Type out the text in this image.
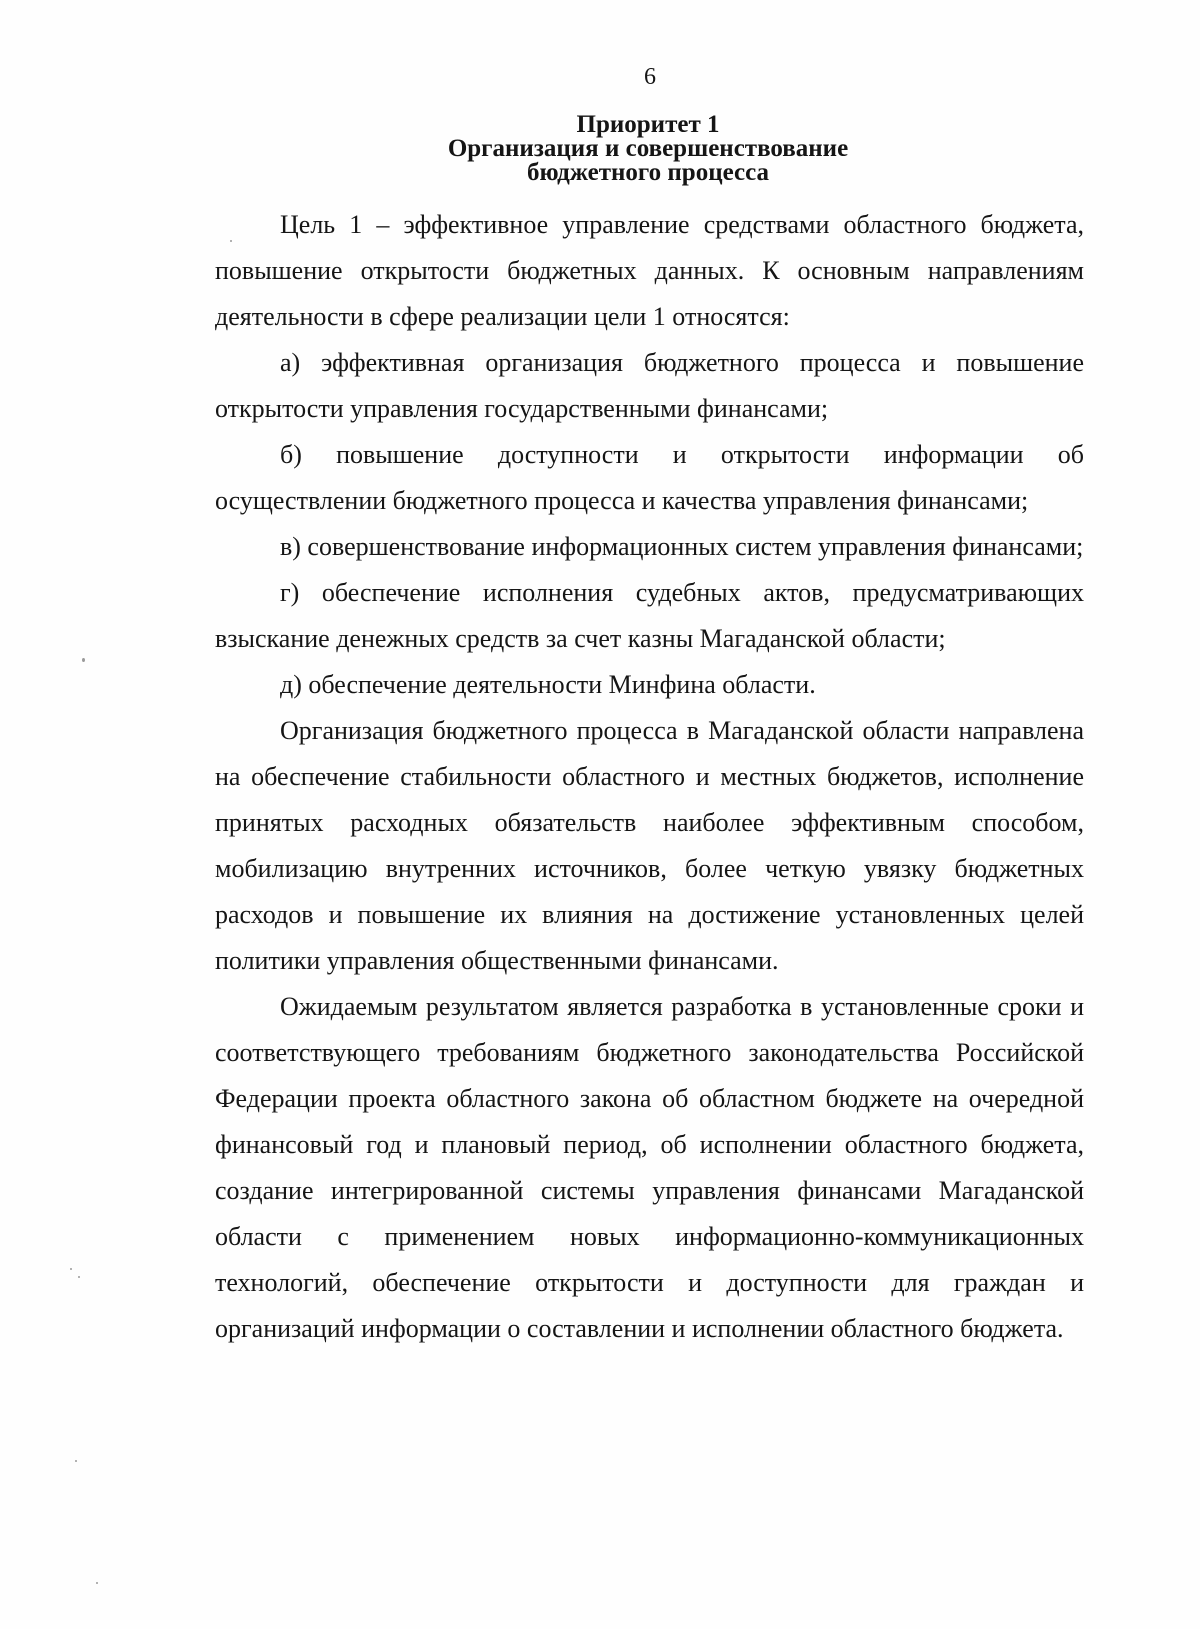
6
Приоритет 1
Организация и совершенствование
бюджетного процесса

Цель 1 – эффективное управление средствами областного бюджета, повышение открытости бюджетных данных. К основным направлениям деятельности в сфере реализации цели 1 относятся:

а) эффективная организация бюджетного процесса и повышение открытости управления государственными финансами;

б) повышение доступности и открытости информации об осуществлении бюджетного процесса и качества управления финансами;

в) совершенствование информационных систем управления финансами;

г) обеспечение исполнения судебных актов, предусматривающих взыскание денежных средств за счет казны Магаданской области;

д) обеспечение деятельности Минфина области.

Организация бюджетного процесса в Магаданской области направлена на обеспечение стабильности областного и местных бюджетов, исполнение принятых расходных обязательств наиболее эффективным способом, мобилизацию внутренних источников, более четкую увязку бюджетных расходов и повышение их влияния на достижение установленных целей политики управления общественными финансами.

Ожидаемым результатом является разработка в установленные сроки и соответствующего требованиям бюджетного законодательства Российской Федерации проекта областного закона об областном бюджете на очередной финансовый год и плановый период, об исполнении областного бюджета, создание интегрированной системы управления финансами Магаданской области с применением новых информационно-коммуникационных технологий, обеспечение открытости и доступности для граждан и организаций информации о составлении и исполнении областного бюджета.
